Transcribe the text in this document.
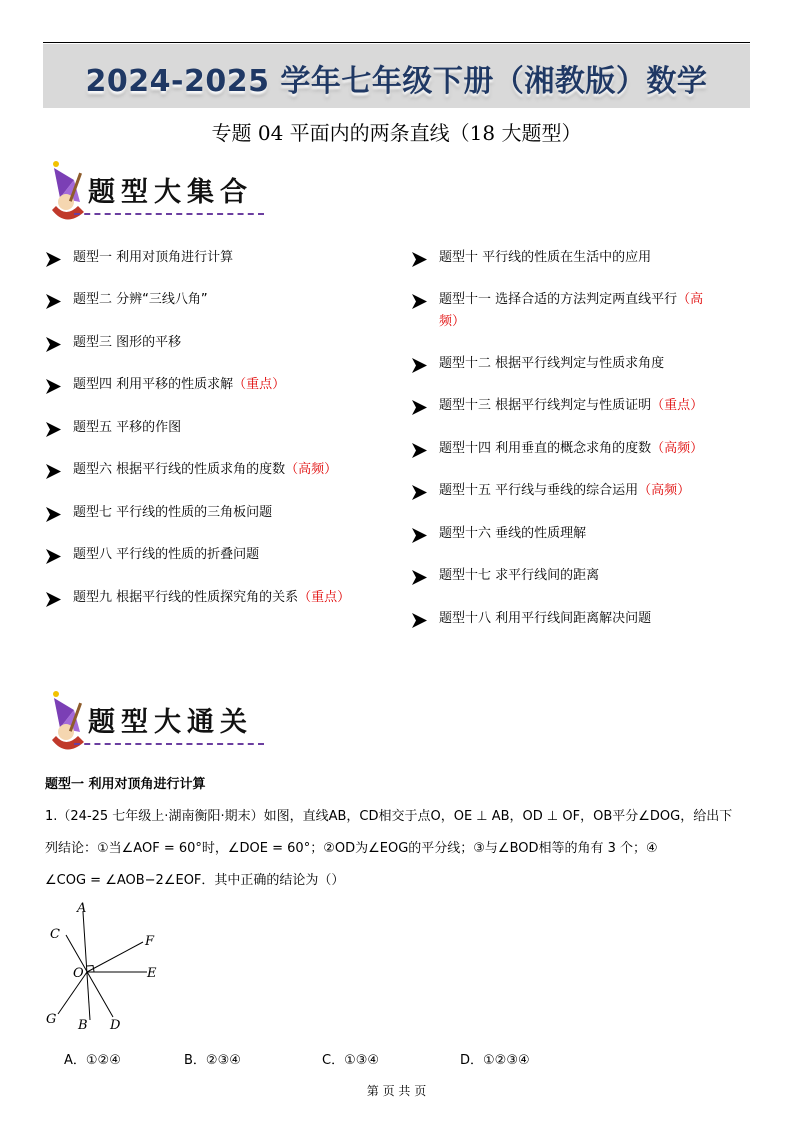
2024-2025 学年七年级下册（湘教版）数学
专题 04 平面内的两条直线（18 大题型）
题型大集合
题型一 利用对顶角进行计算
题型二 分辨“三线八角”
题型三 图形的平移
题型四 利用平移的性质求解（重点）
题型五 平移的作图
题型六 根据平行线的性质求角的度数（高频）
题型七 平行线的性质的三角板问题
题型八 平行线的性质的折叠问题
题型九 根据平行线的性质探究角的关系（重点）
题型十 平行线的性质在生活中的应用
题型十一 选择合适的方法判定两直线平行（高
频）
题型十二 根据平行线判定与性质求角度
题型十三 根据平行线判定与性质证明（重点）
题型十四 利用垂直的概念求角的度数（高频）
题型十五 平行线与垂线的综合运用（高频）
题型十六 垂线的性质理解
题型十七 求平行线间的距离
题型十八 利用平行线间距离解决问题
题型大通关
题型一 利用对顶角进行计算
1.（24-25 七年级上·湖南衡阳·期末）如图，直线AB，CD相交于点O，OE ⊥ AB，OD ⊥ OF，OB平分∠DOG，给出下
列结论：①当∠AOF = 60°时，∠DOE = 60°；②OD为∠EOG的平分线；③与∠BOD相等的角有 3 个；④
∠COG = ∠AOB−2∠EOF．其中正确的结论为（）
A
B
C
D
E
F
G
O
A．①②④	B．②③④	C．①③④	D．①②③④
第 页 共 页
